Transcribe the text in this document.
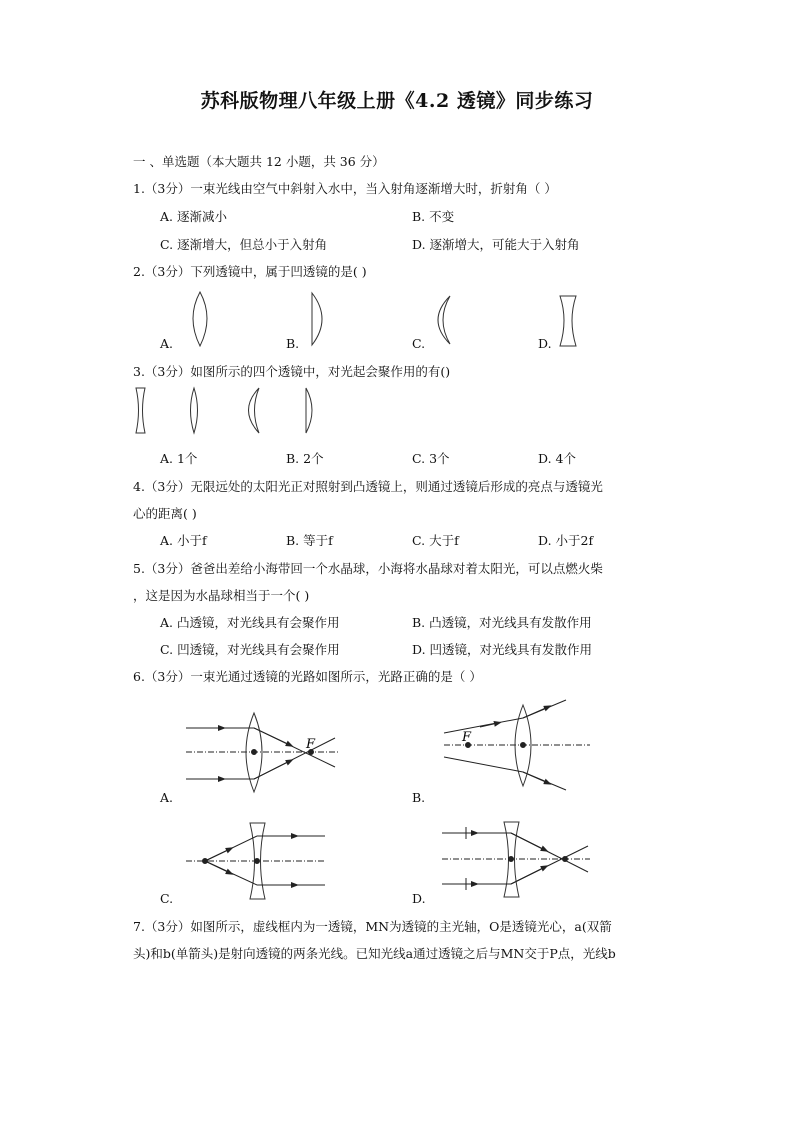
苏科版物理八年级上册《4.2 透镜》同步练习
一 、单选题（本大题共 12 小题，共 36 分）
1.（3分）一束光线由空气中斜射入水中，当入射角逐渐增大时，折射角（ ）
A. 逐渐减小	B. 不变
C. 逐渐增大，但总小于入射角	D. 逐渐增大，可能大于入射角
2.（3分）下列透镜中，属于凹透镜的是( )
A.	B.	C.	D.
3.（3分）如图所示的四个透镜中，对光起会聚作用的有()
A. 1个	B. 2个	C. 3个	D. 4个
4.（3分）无限远处的太阳光正对照射到凸透镜上，则通过透镜后形成的亮点与透镜光
心的距离( )
A. 小于f	B. 等于f	C. 大于f	D. 小于2f
5.（3分）爸爸出差给小海带回一个水晶球，小海将水晶球对着太阳光，可以点燃火柴
，这是因为水晶球相当于一个( )
A. 凸透镜，对光线具有会聚作用	B. 凸透镜，对光线具有发散作用
C. 凹透镜，对光线具有会聚作用	D. 凹透镜，对光线具有发散作用
6.（3分）一束光通过透镜的光路如图所示，光路正确的是（ ）
A.	B.
C.	D.
F	F
7.（3分）如图所示，虚线框内为一透镜，MN为透镜的主光轴，O是透镜光心，a(双箭
头)和b(单箭头)是射向透镜的两条光线。已知光线a通过透镜之后与MN交于P点，光线b
